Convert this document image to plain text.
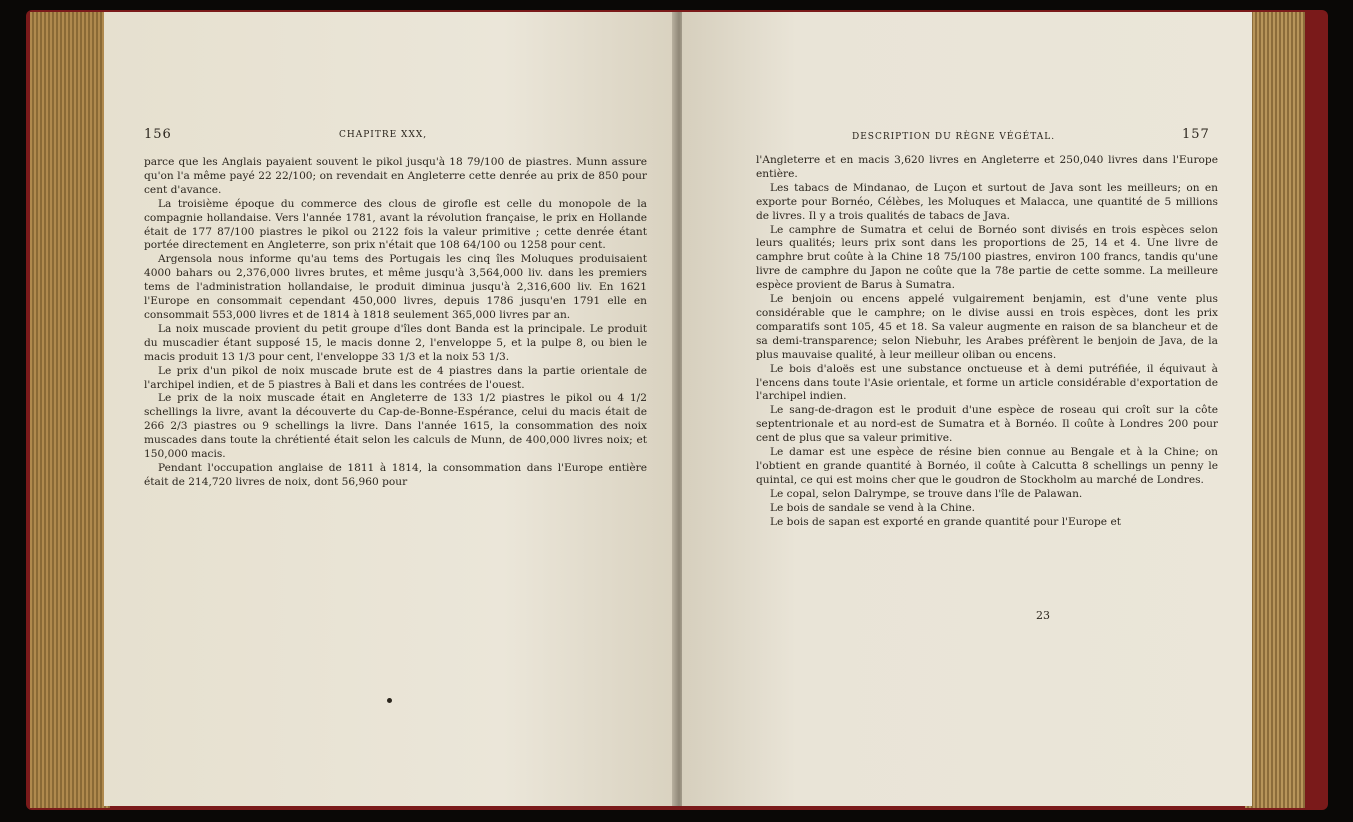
156	CHAPITRE XXX,

parce que les Anglais payaient souvent le pikol jusqu'à 18 79/100 de piastres. Munn assure qu'on l'a même payé 22 22/100; on revendait en Angleterre cette denrée au prix de 850 pour cent d'avance.

La troisième époque du commerce des clous de girofle est celle du monopole de la compagnie hollandaise. Vers l'année 1781, avant la révolution française, le prix en Hollande était de 177 87/100 piastres le pikol ou 2122 fois la valeur primitive ; cette denrée étant portée directement en Angleterre, son prix n'était que 108 64/100 ou 1258 pour cent.

Argensola nous informe qu'au tems des Portugais les cinq îles Moluques produisaient 4000 bahars ou 2,376,000 livres brutes, et même jusqu'à 3,564,000 liv. dans les premiers tems de l'administration hollandaise, le produit diminua jusqu'à 2,316,600 liv. En 1621 l'Europe en consommait cependant 450,000 livres, depuis 1786 jusqu'en 1791 elle en consommait 553,000 livres et de 1814 à 1818 seulement 365,000 livres par an.

La noix muscade provient du petit groupe d'îles dont Banda est la principale. Le produit du muscadier étant supposé 15, le macis donne 2, l'enveloppe 5, et la pulpe 8, ou bien le macis produit 13 1/3 pour cent, l'enveloppe 33 1/3 et la noix 53 1/3.

Le prix d'un pikol de noix muscade brute est de 4 piastres dans la partie orientale de l'archipel indien, et de 5 piastres à Bali et dans les contrées de l'ouest.

Le prix de la noix muscade était en Angleterre de 133 1/2 piastres le pikol ou 4 1/2 schellings la livre, avant la découverte du Cap-de-Bonne-Espérance, celui du macis était de 266 2/3 piastres ou 9 schellings la livre. Dans l'année 1615, la consommation des noix muscades dans toute la chrétienté était selon les calculs de Munn, de 400,000 livres noix; et 150,000 macis.

Pendant l'occupation anglaise de 1811 à 1814, la consommation dans l'Europe entière était de 214,720 livres de noix, dont 56,960 pour

DESCRIPTION DU RÈGNE VÉGÉTAL.	157

l'Angleterre et en macis 3,620 livres en Angleterre et 250,040 livres dans l'Europe entière.

Les tabacs de Mindanao, de Luçon et surtout de Java sont les meilleurs; on en exporte pour Bornéo, Célèbes, les Moluques et Malacca, une quantité de 5 millions de livres. Il y a trois qualités de tabacs de Java.

Le camphre de Sumatra et celui de Bornéo sont divisés en trois espèces selon leurs qualités; leurs prix sont dans les proportions de 25, 14 et 4. Une livre de camphre brut coûte à la Chine 18 75/100 piastres, environ 100 francs, tandis qu'une livre de camphre du Japon ne coûte que la 78e partie de cette somme. La meilleure espèce provient de Barus à Sumatra.

Le benjoin ou encens appelé vulgairement benjamin, est d'une vente plus considérable que le camphre; on le divise aussi en trois espèces, dont les prix comparatifs sont 105, 45 et 18. Sa valeur augmente en raison de sa blancheur et de sa demi-transparence; selon Niebuhr, les Arabes préfèrent le benjoin de Java, de la plus mauvaise qualité, à leur meilleur oliban ou encens.

Le bois d'aloës est une substance onctueuse et à demi putréfiée, il équivaut à l'encens dans toute l'Asie orientale, et forme un article considérable d'exportation de l'archipel indien.

Le sang-de-dragon est le produit d'une espèce de roseau qui croît sur la côte septentrionale et au nord-est de Sumatra et à Bornéo. Il coûte à Londres 200 pour cent de plus que sa valeur primitive.

Le damar est une espèce de résine bien connue au Bengale et à la Chine; on l'obtient en grande quantité à Bornéo, il coûte à Calcutta 8 schellings un penny le quintal, ce qui est moins cher que le goudron de Stockholm au marché de Londres.

Le copal, selon Dalrympe, se trouve dans l'île de Palawan.

Le bois de sandale se vend à la Chine.

Le bois de sapan est exporté en grande quantité pour l'Europe et

23
